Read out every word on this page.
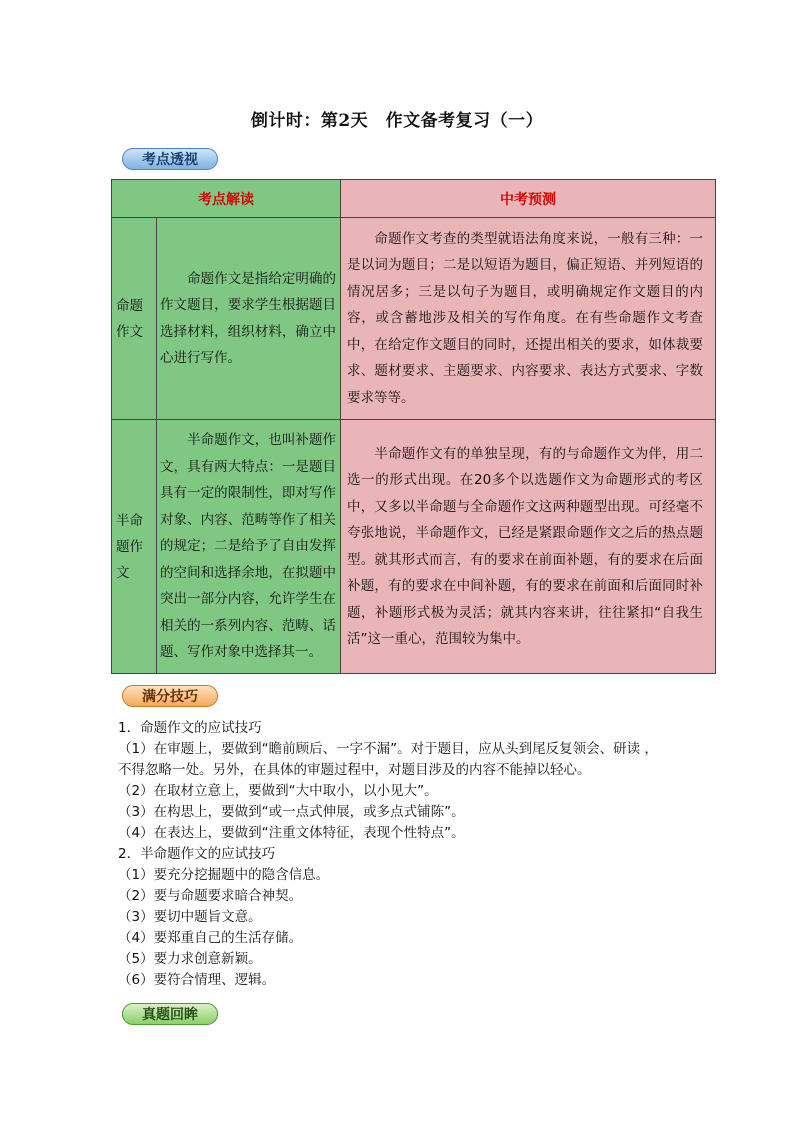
倒计时：第2天　作文备考复习（一）
考点透视
考点解读		中考预测
命题作文	　　命题作文是指给定明确的作文题目，要求学生根据题目选择材料，组织材料，确立中心进行写作。	　　命题作文考查的类型就语法角度来说，一般有三种：一是以词为题目；二是以短语为题目，偏正短语、并列短语的情况居多；三是以句子为题目，或明确规定作文题目的内容，或含蓄地涉及相关的写作角度。在有些命题作文考查中，在给定作文题目的同时，还提出相关的要求，如体裁要求、题材要求、主题要求、内容要求、表达方式要求、字数要求等等。
半命题作文	　　半命题作文，也叫补题作文，具有两大特点：一是题目具有一定的限制性，即对写作对象、内容、范畴等作了相关的规定；二是给予了自由发挥的空间和选择余地，在拟题中突出一部分内容，允许学生在相关的一系列内容、范畴、话题、写作对象中选择其一。	　　半命题作文有的单独呈现，有的与命题作文为伴，用二选一的形式出现。在20多个以选题作文为命题形式的考区中，又多以半命题与全命题作文这两种题型出现。可经毫不夸张地说，半命题作文，已经是紧跟命题作文之后的热点题型。就其形式而言，有的要求在前面补题，有的要求在后面补题，有的要求在中间补题，有的要求在前面和后面同时补题，补题形式极为灵活；就其内容来讲，往往紧扣“自我生活”这一重心，范围较为集中。
满分技巧
1．命题作文的应试技巧
（1）在审题上，要做到“瞻前顾后、一字不漏”。对于题目，应从头到尾反复领会、研读 ，
不得忽略一处。另外，在具体的审题过程中，对题目涉及的内容不能掉以轻心。
（2）在取材立意上，要做到“大中取小，以小见大”。
（3）在构思上，要做到“或一点式伸展，或多点式铺陈”。
（4）在表达上，要做到“注重文体特征，表现个性特点”。
2．半命题作文的应试技巧
（1）要充分挖掘题中的隐含信息。
（2）要与命题要求暗合神契。
（3）要切中题旨文意。
（4）要郑重自己的生活存储。
（5）要力求创意新颖。
（6）要符合情理、逻辑。
真题回眸
